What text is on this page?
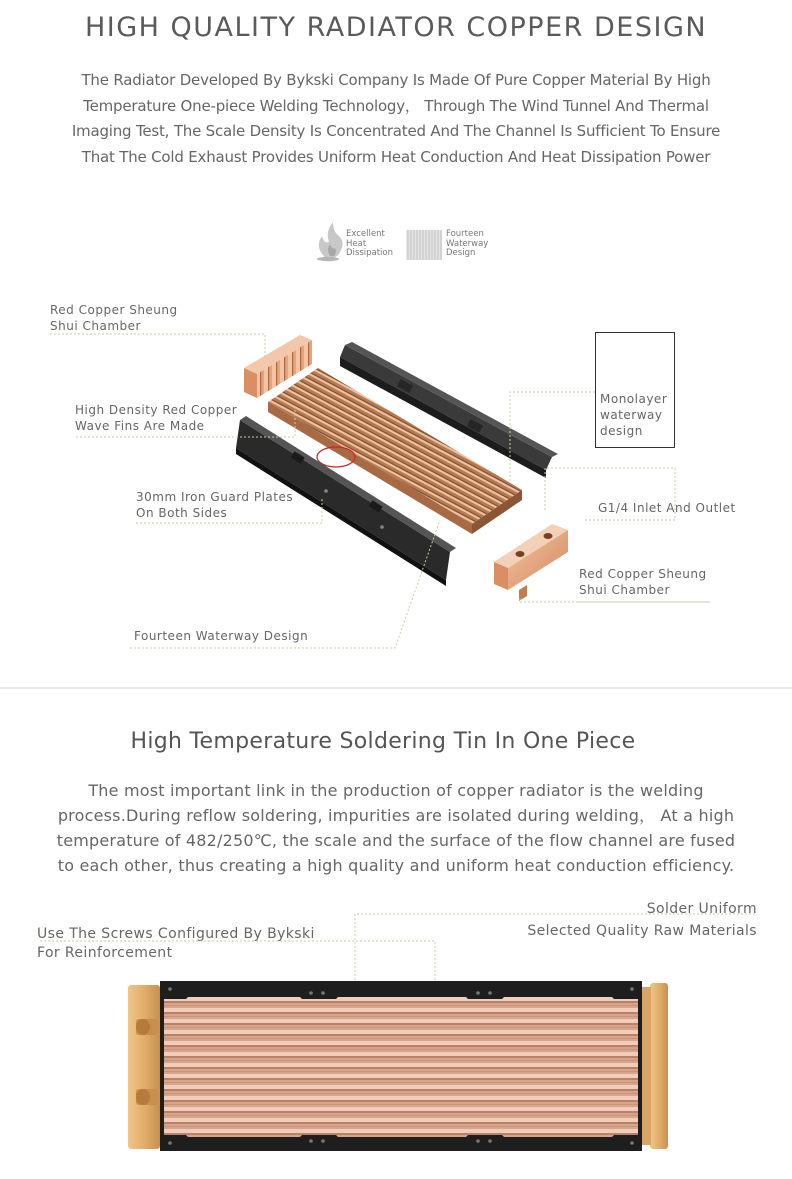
HIGH QUALITY RADIATOR COPPER DESIGN
The Radiator Developed By Bykski Company Is Made Of Pure Copper Material By High
Temperature One-piece Welding Technology， Through The Wind Tunnel And Thermal
Imaging Test, The Scale Density Is Concentrated And The Channel Is Sufficient To Ensure
That The Cold Exhaust Provides Uniform Heat Conduction And Heat Dissipation Power
Excellent
Heat
Dissipation
Fourteen
Waterway
Design
Red Copper Sheung
Shui Chamber
High Density Red Copper
Wave Fins Are Made
30mm Iron Guard Plates
On Both Sides
Fourteen Waterway Design
Monolayer
waterway
design
G1/4 Inlet And Outlet
Red Copper Sheung
Shui Chamber
High Temperature Soldering Tin In One Piece
The most important link in the production of copper radiator is the welding
process.During reflow soldering, impurities are isolated during welding， At a high
temperature of 482/250℃, the scale and the surface of the flow channel are fused
to each other, thus creating a high quality and uniform heat conduction efficiency.
Use The Screws Configured By Bykski
For Reinforcement
Solder Uniform
Selected Quality Raw Materials
